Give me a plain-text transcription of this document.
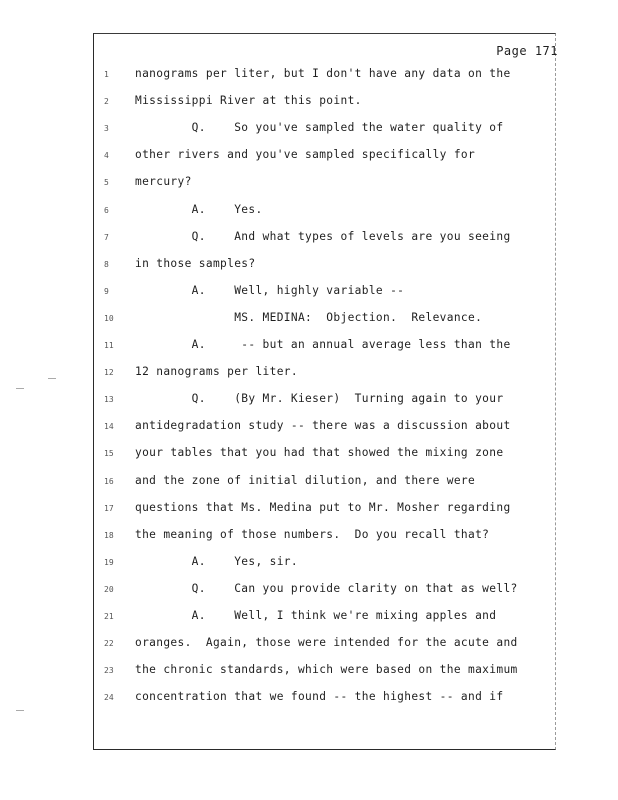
Page 171
1	nanograms per liter, but I don't have any data on the
2	Mississippi River at this point.
3	Q.    So you've sampled the water quality of
4	other rivers and you've sampled specifically for
5	mercury?
6	A.    Yes.
7	Q.    And what types of levels are you seeing
8	in those samples?
9	A.    Well, highly variable --
10	MS. MEDINA:  Objection.  Relevance.
11	A.     -- but an annual average less than the
12	12 nanograms per liter.
13	Q.    (By Mr. Kieser)  Turning again to your
14	antidegradation study -- there was a discussion about
15	your tables that you had that showed the mixing zone
16	and the zone of initial dilution, and there were
17	questions that Ms. Medina put to Mr. Mosher regarding
18	the meaning of those numbers.  Do you recall that?
19	A.    Yes, sir.
20	Q.    Can you provide clarity on that as well?
21	A.    Well, I think we're mixing apples and
22	oranges.  Again, those were intended for the acute and
23	the chronic standards, which were based on the maximum
24	concentration that we found -- the highest -- and if
